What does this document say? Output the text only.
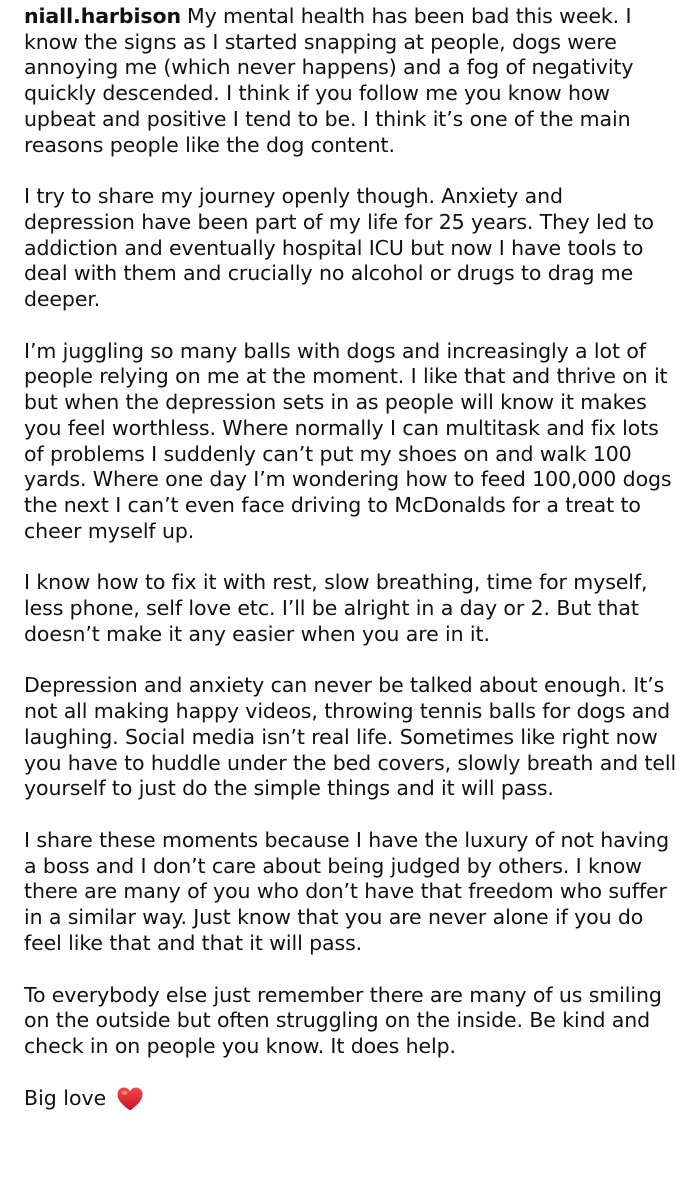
niall.harbison My mental health has been bad this week. I know the signs as I started snapping at people, dogs were annoying me (which never happens) and a fog of negativity quickly descended. I think if you follow me you know how upbeat and positive I tend to be. I think it’s one of the main reasons people like the dog content.

I try to share my journey openly though. Anxiety and depression have been part of my life for 25 years. They led to addiction and eventually hospital ICU but now I have tools to deal with them and crucially no alcohol or drugs to drag me deeper.

I’m juggling so many balls with dogs and increasingly a lot of people relying on me at the moment. I like that and thrive on it but when the depression sets in as people will know it makes you feel worthless. Where normally I can multitask and fix lots of problems I suddenly can’t put my shoes on and walk 100 yards. Where one day I’m wondering how to feed 100,000 dogs the next I can’t even face driving to McDonalds for a treat to cheer myself up.

I know how to fix it with rest, slow breathing, time for myself, less phone, self love etc. I’ll be alright in a day or 2. But that doesn’t make it any easier when you are in it.

Depression and anxiety can never be talked about enough. It’s not all making happy videos, throwing tennis balls for dogs and laughing. Social media isn’t real life. Sometimes like right now you have to huddle under the bed covers, slowly breath and tell yourself to just do the simple things and it will pass.

I share these moments because I have the luxury of not having a boss and I don’t care about being judged by others. I know there are many of you who don’t have that freedom who suffer in a similar way. Just know that you are never alone if you do feel like that and that it will pass.

To everybody else just remember there are many of us smiling on the outside but often struggling on the inside. Be kind and check in on people you know. It does help.

Big love
